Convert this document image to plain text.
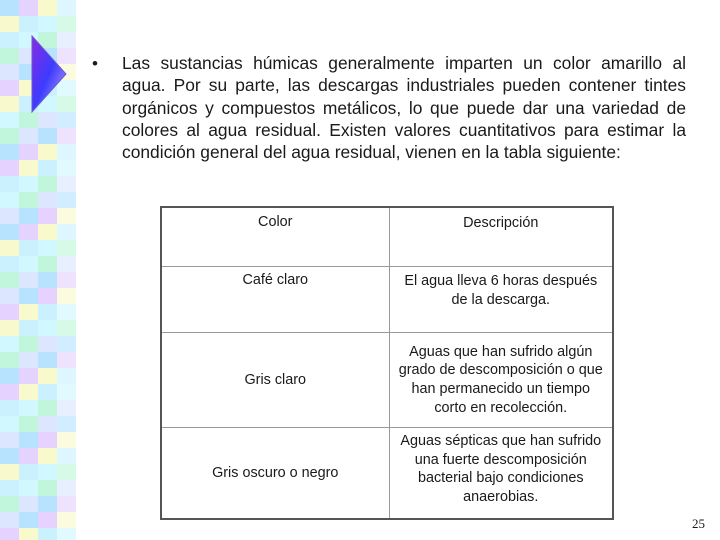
• Las sustancias húmicas generalmente imparten un color amarillo al agua. Por su parte, las descargas industriales pueden contener tintes orgánicos y compuestos metálicos, lo que puede dar una variedad de colores al agua residual. Existen valores cuantitativos para estimar la condición general del agua residual, vienen en la tabla siguiente:
Color	Descripción
Café claro	El agua lleva 6 horas después de la descarga.
Gris claro	Aguas que han sufrido algún grado de descomposición o que han permanecido un tiempo corto en recolección.
Gris oscuro o negro	Aguas sépticas que han sufrido una fuerte descomposición bacterial bajo condiciones anaerobias.
25
